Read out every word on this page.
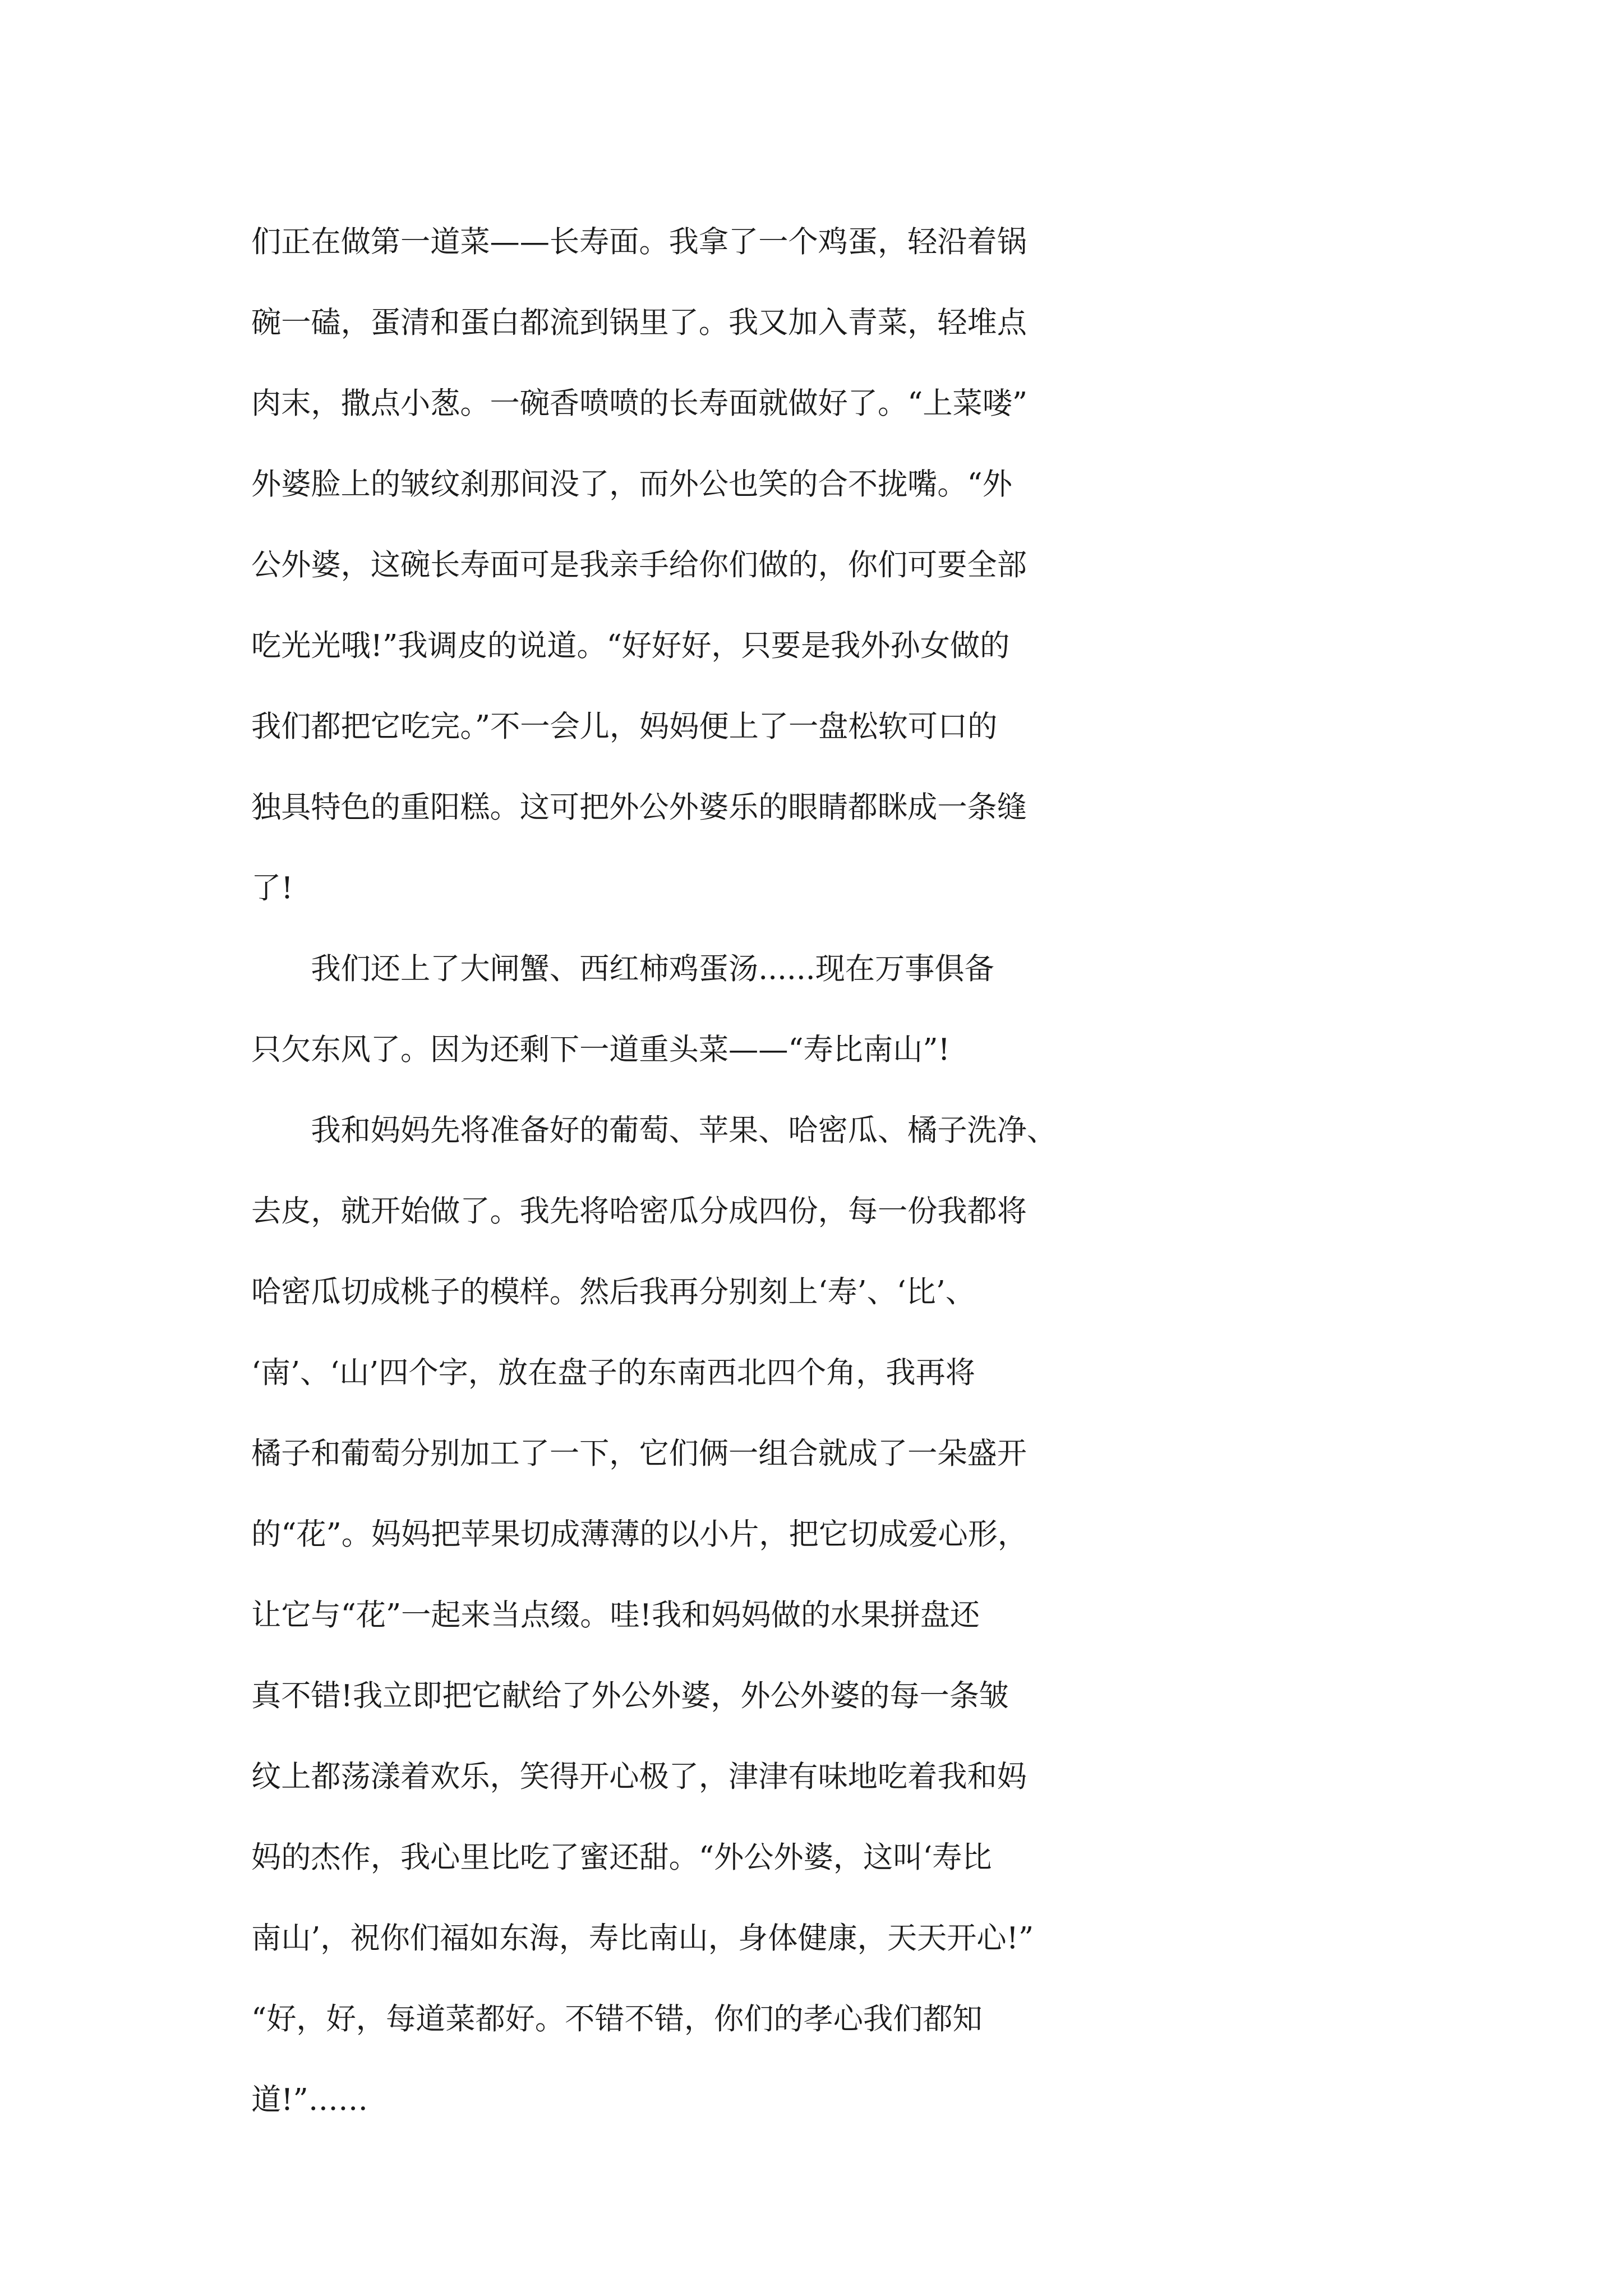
们正在做第一道菜——长寿面。我拿了一个鸡蛋，轻沿着锅

碗一磕，蛋清和蛋白都流到锅里了。我又加入青菜，轻堆点

肉末，撒点小葱。一碗香喷喷的长寿面就做好了。“上菜喽”

外婆脸上的皱纹刹那间没了，而外公也笑的合不拢嘴。“外

公外婆，这碗长寿面可是我亲手给你们做的，你们可要全部

吃光光哦!”我调皮的说道。“好好好，只要是我外孙女做的

我们都把它吃完。”不一会儿，妈妈便上了一盘松软可口的

独具特色的重阳糕。这可把外公外婆乐的眼睛都眯成一条缝

了!

　　我们还上了大闸蟹、西红柿鸡蛋汤......现在万事俱备

只欠东风了。因为还剩下一道重头菜——“寿比南山”!

　　我和妈妈先将准备好的葡萄、苹果、哈密瓜、橘子洗净、

去皮，就开始做了。我先将哈密瓜分成四份，每一份我都将

哈密瓜切成桃子的模样。然后我再分别刻上‘寿’、‘比’、

‘南’、‘山’四个字，放在盘子的东南西北四个角，我再将

橘子和葡萄分别加工了一下，它们俩一组合就成了一朵盛开

的“花”。妈妈把苹果切成薄薄的以小片，把它切成爱心形，

让它与“花”一起来当点缀。哇!我和妈妈做的水果拼盘还

真不错!我立即把它献给了外公外婆，外公外婆的每一条皱

纹上都荡漾着欢乐，笑得开心极了，津津有味地吃着我和妈

妈的杰作，我心里比吃了蜜还甜。“外公外婆，这叫‘寿比

南山’，祝你们福如东海，寿比南山，身体健康，天天开心!”

“好，好，每道菜都好。不错不错，你们的孝心我们都知

道!”……
